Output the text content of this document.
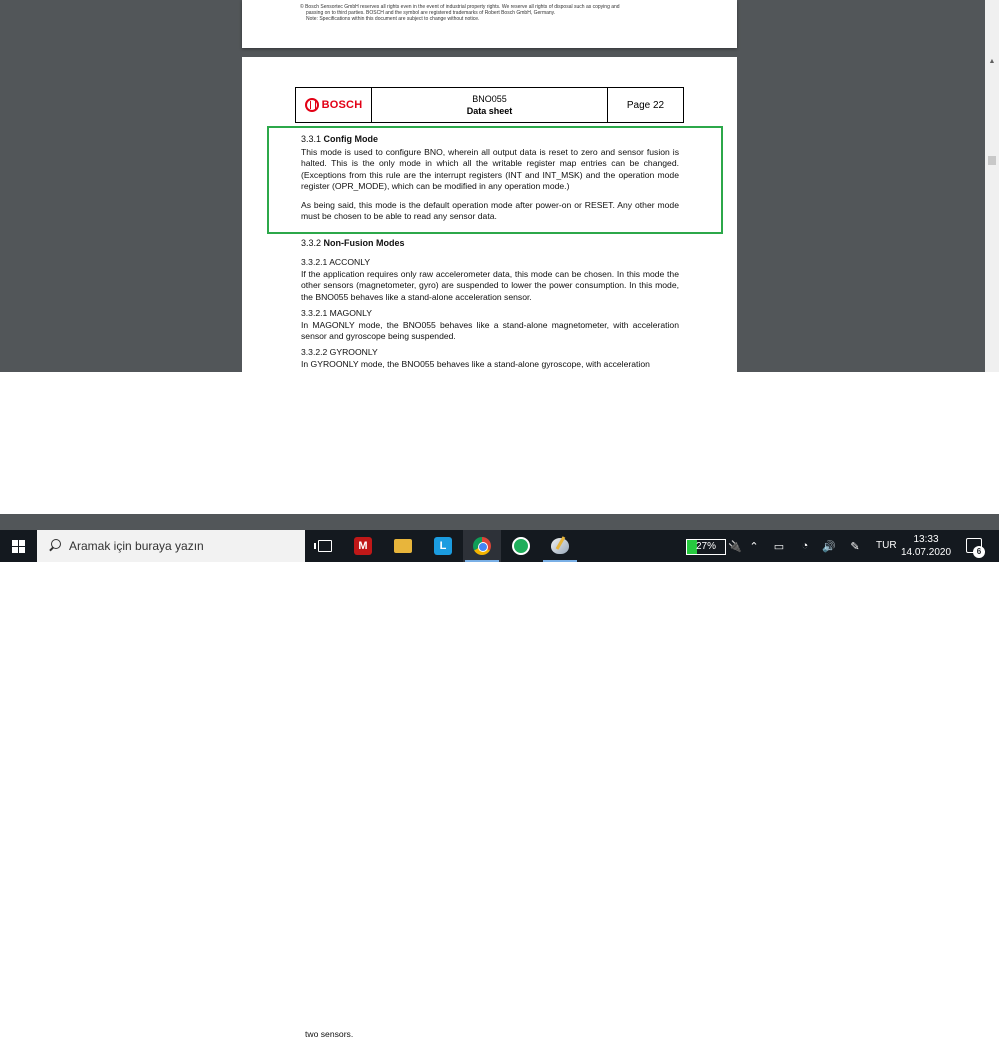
© Bosch Sensortec GmbH reserves all rights even in the event of industrial property rights. We reserve all rights of disposal such as copying and
passing on to third parties. BOSCH and the symbol are registered trademarks of Robert Bosch GmbH, Germany.
Note: Specifications within this document are subject to change without notice.
BOSCH	BNO055
Data sheet
Page 22
3.3.1 Config Mode
This mode is used to configure BNO, wherein all output data is reset to zero and sensor fusion is halted. This is the only mode in which all the writable register map entries can be changed. (Exceptions from this rule are the interrupt registers (INT and INT_MSK) and the operation mode register (OPR_MODE), which can be modified in any operation mode.)
As being said, this mode is the default operation mode after power-on or RESET. Any other mode must be chosen to be able to read any sensor data.
3.3.2 Non-Fusion Modes
3.3.2.1 ACCONLY
If the application requires only raw accelerometer data, this mode can be chosen. In this mode the other sensors (magnetometer, gyro) are suspended to lower the power consumption. In this mode, the BNO055 behaves like a stand-alone acceleration sensor.
3.3.2.1 MAGONLY
In MAGONLY mode, the BNO055 behaves like a stand-alone magnetometer, with acceleration sensor and gyroscope being suspended.
3.3.2.2 GYROONLY
In GYROONLY mode, the BNO055 behaves like a stand-alone gyroscope, with acceleration
▲
two sensors.
Aramak için buraya yazın	M	L	27%	🔌 ⌃	▭	◔	🔊	✎	TUR
13:33
14.07.2020	6
